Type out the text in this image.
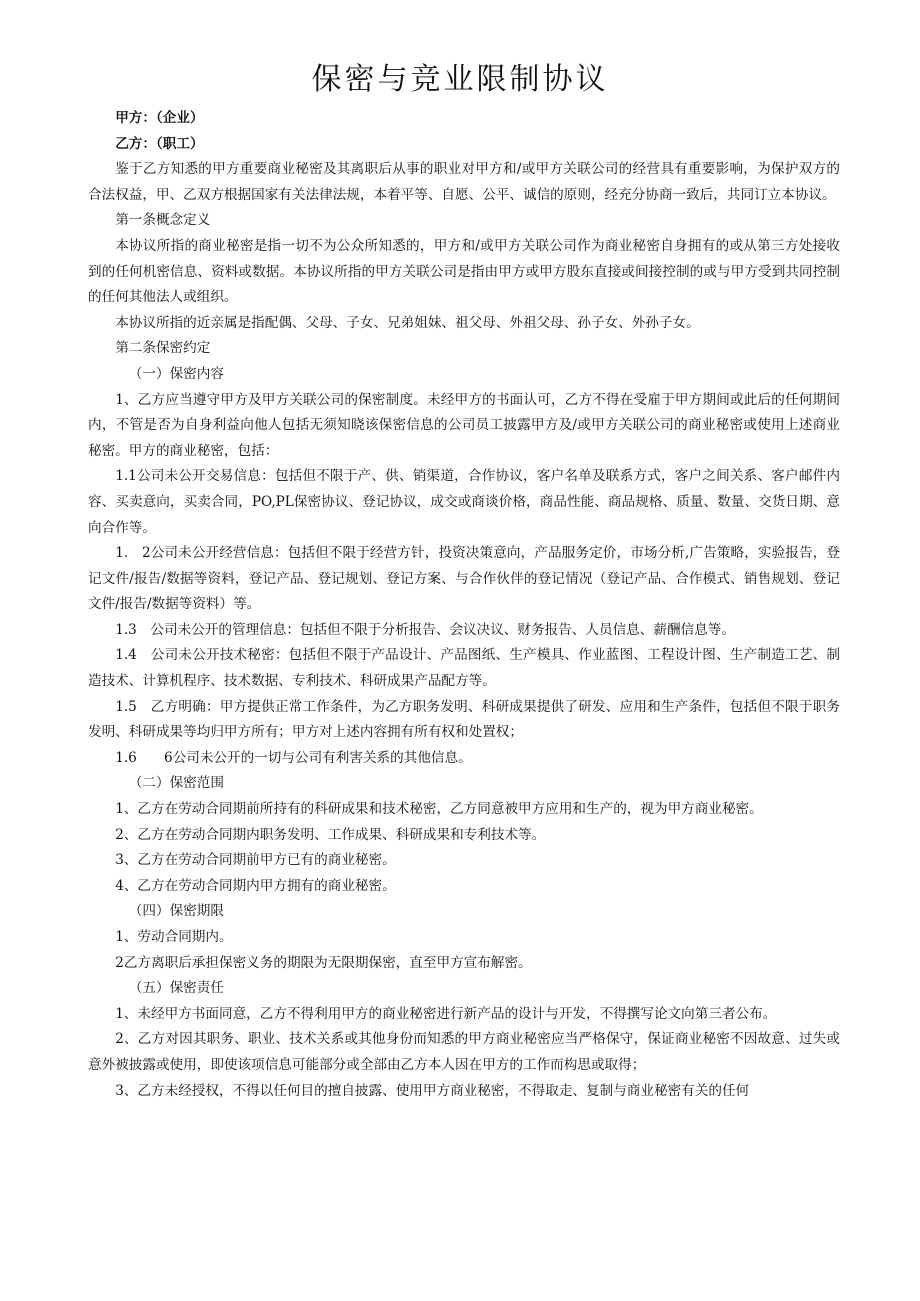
保密与竞业限制协议

甲方：（企业）

乙方：（职工）

鉴于乙方知悉的甲方重要商业秘密及其离职后从事的职业对甲方和/或甲方关联公司的经营具有重要影响，为保护双方的合法权益，甲、乙双方根据国家有关法律法规，本着平等、自愿、公平、诚信的原则，经充分协商一致后，共同订立本协议。

第一条概念定义

本协议所指的商业秘密是指一切不为公众所知悉的，甲方和/或甲方关联公司作为商业秘密自身拥有的或从第三方处接收到的任何机密信息、资料或数据。本协议所指的甲方关联公司是指由甲方或甲方股东直接或间接控制的或与甲方受到共同控制的任何其他法人或组织。

本协议所指的近亲属是指配偶、父母、子女、兄弟姐妹、祖父母、外祖父母、孙子女、外孙子女。

第二条保密约定

（一）保密内容

1、乙方应当遵守甲方及甲方关联公司的保密制度。未经甲方的书面认可，乙方不得在受雇于甲方期间或此后的任何期间内，不管是否为自身利益向他人包括无须知晓该保密信息的公司员工披露甲方及/或甲方关联公司的商业秘密或使用上述商业秘密。甲方的商业秘密，包括：

1.1公司未公开交易信息：包括但不限于产、供、销渠道，合作协议，客户名单及联系方式，客户之间关系、客户邮件内容、买卖意向，买卖合同，PO,PL保密协议、登记协议，成交或商谈价格，商品性能、商品规格、质量、数量、交货日期、意向合作等。

1.　2公司未公开经营信息：包括但不限于经营方针，投资决策意向，产品服务定价，市场分析,广告策略，实验报告，登记文件/报告/数据等资料，登记产品、登记规划、登记方案、与合作伙伴的登记情况（登记产品、合作模式、销售规划、登记文件/报告/数据等资料）等。

1.3　公司未公开的管理信息：包括但不限于分析报告、会议决议、财务报告、人员信息、薪酬信息等。

1.4　公司未公开技术秘密：包括但不限于产品设计、产品图纸、生产模具、作业蓝图、工程设计图、生产制造工艺、制造技术、计算机程序、技术数据、专利技术、科研成果产品配方等。

1.5　乙方明确：甲方提供正常工作条件，为乙方职务发明、科研成果提供了研发、应用和生产条件，包括但不限于职务发明、科研成果等均归甲方所有；甲方对上述内容拥有所有权和处置权；

1.6　　6公司未公开的一切与公司有利害关系的其他信息。

（二）保密范围

1、乙方在劳动合同期前所持有的科研成果和技术秘密，乙方同意被甲方应用和生产的，视为甲方商业秘密。

2、乙方在劳动合同期内职务发明、工作成果、科研成果和专利技术等。

3、乙方在劳动合同期前甲方已有的商业秘密。

4、乙方在劳动合同期内甲方拥有的商业秘密。

（四）保密期限

1、劳动合同期内。

2乙方离职后承担保密义务的期限为无限期保密，直至甲方宣布解密。

（五）保密责任

1、未经甲方书面同意，乙方不得利用甲方的商业秘密进行新产品的设计与开发，不得撰写论文向第三者公布。

2、乙方对因其职务、职业、技术关系或其他身份而知悉的甲方商业秘密应当严格保守，保证商业秘密不因故意、过失或意外被披露或使用，即使该项信息可能部分或全部由乙方本人因在甲方的工作而构思或取得；

3、乙方未经授权，不得以任何目的擅自披露、使用甲方商业秘密，不得取走、复制与商业秘密有关的任何
